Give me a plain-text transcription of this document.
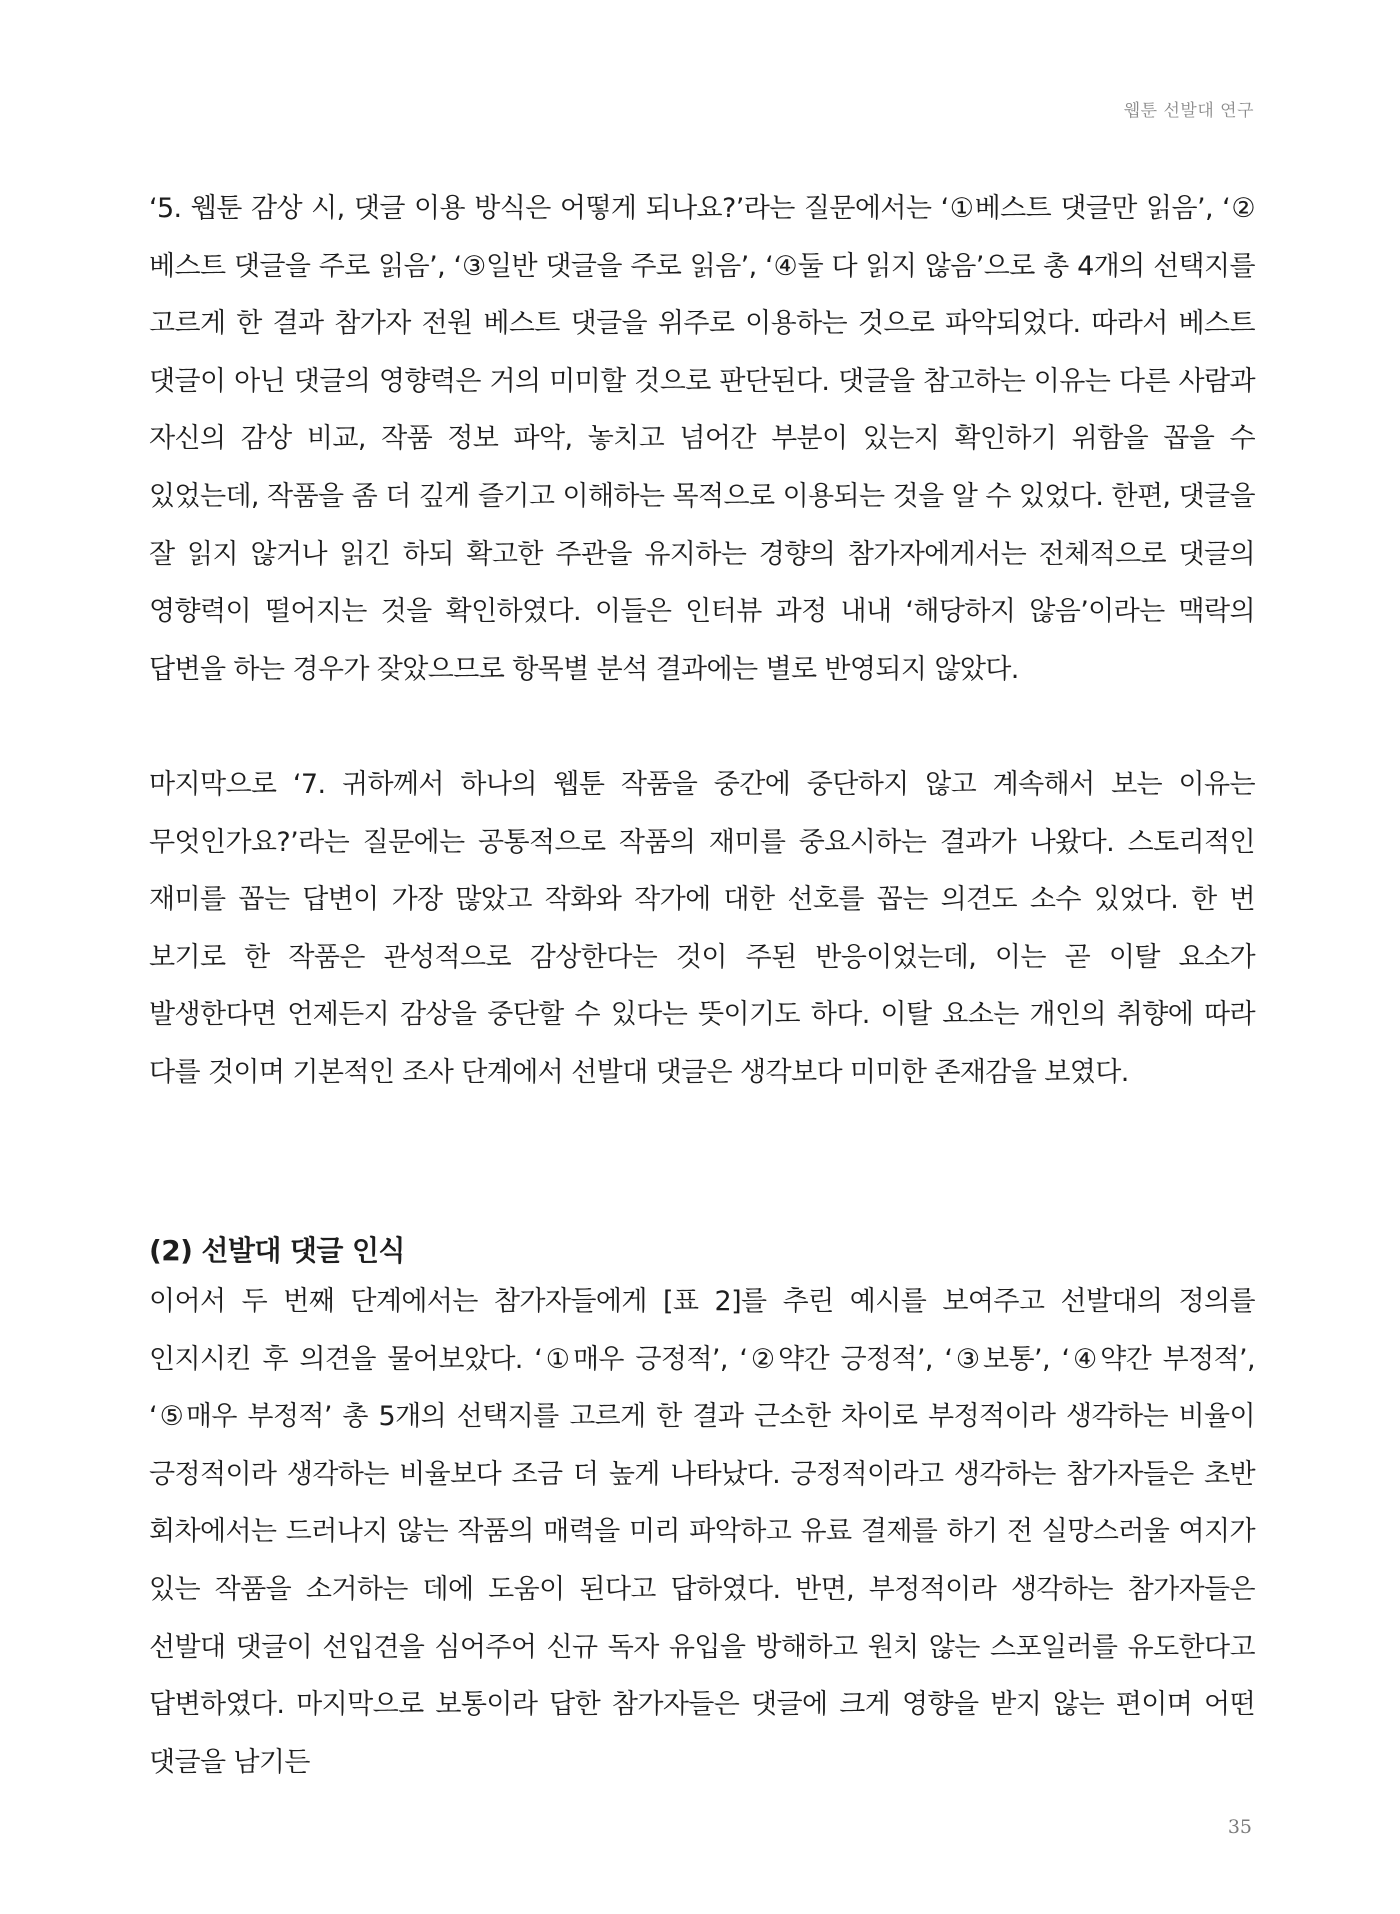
웹툰 선발대 연구

‘5. 웹툰 감상 시, 댓글 이용 방식은 어떻게 되나요?’라는 질문에서는 ‘①베스트 댓글만 읽음’, ‘② 베스트 댓글을 주로 읽음’, ‘③일반 댓글을 주로 읽음’, ‘④둘 다 읽지 않음’으로 총 4개의 선택지를 고르게 한 결과 참가자 전원 베스트 댓글을 위주로 이용하는 것으로 파악되었다. 따라서 베스트 댓글이 아닌 댓글의 영향력은 거의 미미할 것으로 판단된다. 댓글을 참고하는 이유는 다른 사람과 자신의 감상 비교, 작품 정보 파악, 놓치고 넘어간 부분이 있는지 확인하기 위함을 꼽을 수 있었는데, 작품을 좀 더 깊게 즐기고 이해하는 목적으로 이용되는 것을 알 수 있었다. 한편, 댓글을 잘 읽지 않거나 읽긴 하되 확고한 주관을 유지하는 경향의 참가자에게서는 전체적으로 댓글의 영향력이 떨어지는 것을 확인하였다. 이들은 인터뷰 과정 내내 ‘해당하지 않음’이라는 맥락의 답변을 하는 경우가 잦았으므로 항목별 분석 결과에는 별로 반영되지 않았다.

마지막으로 ‘7. 귀하께서 하나의 웹툰 작품을 중간에 중단하지 않고 계속해서 보는 이유는 무엇인가요?’라는 질문에는 공통적으로 작품의 재미를 중요시하는 결과가 나왔다. 스토리적인 재미를 꼽는 답변이 가장 많았고 작화와 작가에 대한 선호를 꼽는 의견도 소수 있었다. 한 번 보기로 한 작품은 관성적으로 감상한다는 것이 주된 반응이었는데, 이는 곧 이탈 요소가 발생한다면 언제든지 감상을 중단할 수 있다는 뜻이기도 하다. 이탈 요소는 개인의 취향에 따라 다를 것이며 기본적인 조사 단계에서 선발대 댓글은 생각보다 미미한 존재감을 보였다.

(2) 선발대 댓글 인식

이어서 두 번째 단계에서는 참가자들에게 [표 2]를 추린 예시를 보여주고 선발대의 정의를 인지시킨 후 의견을 물어보았다. ‘①매우 긍정적’, ‘②약간 긍정적’, ‘③보통’, ‘④약간 부정적’, ‘⑤매우 부정적’ 총 5개의 선택지를 고르게 한 결과 근소한 차이로 부정적이라 생각하는 비율이 긍정적이라 생각하는 비율보다 조금 더 높게 나타났다. 긍정적이라고 생각하는 참가자들은 초반 회차에서는 드러나지 않는 작품의 매력을 미리 파악하고 유료 결제를 하기 전 실망스러울 여지가 있는 작품을 소거하는 데에 도움이 된다고 답하였다. 반면, 부정적이라 생각하는 참가자들은 선발대 댓글이 선입견을 심어주어 신규 독자 유입을 방해하고 원치 않는 스포일러를 유도한다고 답변하였다. 마지막으로 보통이라 답한 참가자들은 댓글에 크게 영향을 받지 않는 편이며 어떤 댓글을 남기든

35
